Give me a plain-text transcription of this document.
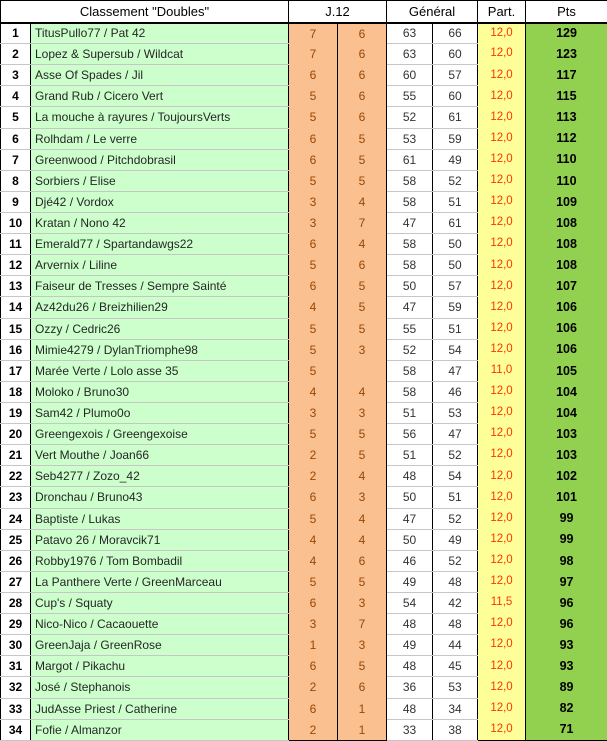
Classement "Doubles"		J.12		Général		Part.	Pts
1	TitusPullo77 / Pat 42	7	6	63	66	12,0	129
2	Lopez & Supersub / Wildcat	7	6	63	60	12,0	123
3	Asse Of Spades / Jil	6	6	60	57	12,0	117
4	Grand Rub / Cicero Vert	5	6	55	60	12,0	115
5	La mouche à rayures / ToujoursVerts	5	6	52	61	12,0	113
6	Rolhdam / Le verre	6	5	53	59	12,0	112
7	Greenwood / Pitchdobrasil	6	5	61	49	12,0	110
8	Sorbiers / Elise	5	5	58	52	12,0	110
9	Djé42 / Vordox	3	4	58	51	12,0	109
10	Kratan / Nono 42	3	7	47	61	12,0	108
11	Emerald77 / Spartandawgs22	6	4	58	50	12,0	108
12	Arvernix / Liline	5	6	58	50	12,0	108
13	Faiseur de Tresses / Sempre Sainté	6	5	50	57	12,0	107
14	Az42du26 / Breizhilien29	4	5	47	59	12,0	106
15	Ozzy / Cedric26	5	5	55	51	12,0	106
16	Mimie4279 / DylanTriomphe98	5	3	52	54	12,0	106
17	Marée Verte / Lolo asse 35	5		58	47	11,0	105
18	Moloko / Bruno30	4	4	58	46	12,0	104
19	Sam42 / Plumo0o	3	3	51	53	12,0	104
20	Greengexois / Greengexoise	5	5	56	47	12,0	103
21	Vert Mouthe / Joan66	2	5	51	52	12,0	103
22	Seb4277 / Zozo_42	2	4	48	54	12,0	102
23	Dronchau / Bruno43	6	3	50	51	12,0	101
24	Baptiste / Lukas	5	4	47	52	12,0	99
25	Patavo 26 / Moravcik71	4	4	50	49	12,0	99
26	Robby1976 / Tom Bombadil	4	6	46	52	12,0	98
27	La Panthere Verte / GreenMarceau	5	5	49	48	12,0	97
28	Cup's / Squaty	6	3	54	42	11,5	96
29	Nico-Nico / Cacaouette	3	7	48	48	12,0	96
30	GreenJaja / GreenRose	1	3	49	44	12,0	93
31	Margot / Pikachu	6	5	48	45	12,0	93
32	José / Stephanois	2	6	36	53	12,0	89
33	JudAsse Priest / Catherine	6	1	48	34	12,0	82
34	Fofie / Almanzor	2	1	33	38	12,0	71
